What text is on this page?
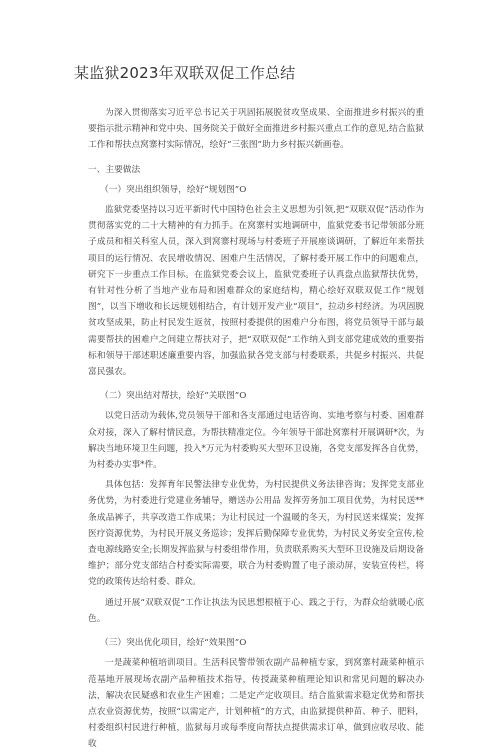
某监狱2023年双联双促工作总结

为深入贯彻落实习近平总书记关于巩固拓展脱贫攻坚成果、全面推进乡村振兴的重要指示批示精神和党中央、国务院关于做好全面推进乡村振兴重点工作的意见,结合监狱工作和帮扶点窝寨村实际情况，绘好“三张图”助力乡村振兴新画卷。

一、主要做法

（一）突出组织领导，绘好“规划图”O

监狱党委坚持以习近平新时代中国特色社会主义思想为引领,把“双联双促”活动作为贯彻落实党的二十大精神的有力抓手。在窝寨村实地调研中，监狱党委书记带领部分班子成员和相关科室人员，深入到窝寨村现场与村委班子开展座谈调研，了解近年来帮扶项目的运行情况、农民增收情况、困难户生活情况，了解村委开展工作中的问题难点，研究下一步重点工作目标。在监狱党委会议上，监狱党委班子认真盘点监狱帮扶优势，有针对性分析了当地产业布局和困难群众的家庭结构，精心绘好双联双促工作“规划图”，以当下增收和长远规划相结合，有计划开发产业“项目”，拉动乡村经济。为巩固脱贫攻坚成果，防止村民发生返贫，按照村委提供的困难户分布图，将党员领导干部与最需要帮扶的困难户之间建立帮扶对子，把“双联双促”工作纳入到支部党建成效的重要指标和领导干部述职述廉重要内容，加强监狱各党支部与村委联系，共促乡村振兴、共促富民强农。

（二）突出结对帮扶，绘好“关联图”O

以党日活动为载体,党员领导干部和各支部通过电话咨询、实地考察与村委、困难群众对接，深入了解村情民意，为帮扶精准定位。今年领导干部赴窝寨村开展调研*次，为解决当地环境卫生问题，投入*万元为村委购买大型环卫设施，各党支部发挥各自优势，为村委办实事*件。

具体包括：发挥育年民警法律专业优势，为村民提供义务法律咨询；发挥党支部业务优势，为村委进行党建业务辅导，赠送办公用品 发挥劳务加工项目优势，为村民送**条成品裤子，共享改造工作成果；为让村民过一个温暖的冬天，为村民送来煤炭；发挥医疗资源优势，为村民开展义务巡诊；发挥后勤保障专业优势，为村民义务安全宣传,检查电源线路安全;长期发挥监狱与村委组带作用，负责联系购买大型环卫设施及后期设备维护；部分党支部结合村委实际需要，联合为村委购置了电子滚动屏，安装宣传栏，将党的政策传达给村委、群众。

通过开展“双联双促”工作让执法为民思想根植于心、践之于行，为群众给就暖心底色。

（三）突出优化项目，绘好“效果图”O

一是蔬菜种植培训项目。生活科民警带领农副产品种植专家，到窝寨村蔬菜种植示范基地开展现场农副产品种植技术指导，传授蔬菜种植理论知识和常见问题的解决办法，解决农民疑惑和农业生产困难；二是定产定收项目。结合监狱需求稳定优势和帮扶点农业资源优势，按照“以需定产，计划种植”的方式，由监狱提供种苗、种子、肥料，村委组织村民进行种植，监狱每月或每季度向帮扶点提供需求订单，做到应收尽收、能收
